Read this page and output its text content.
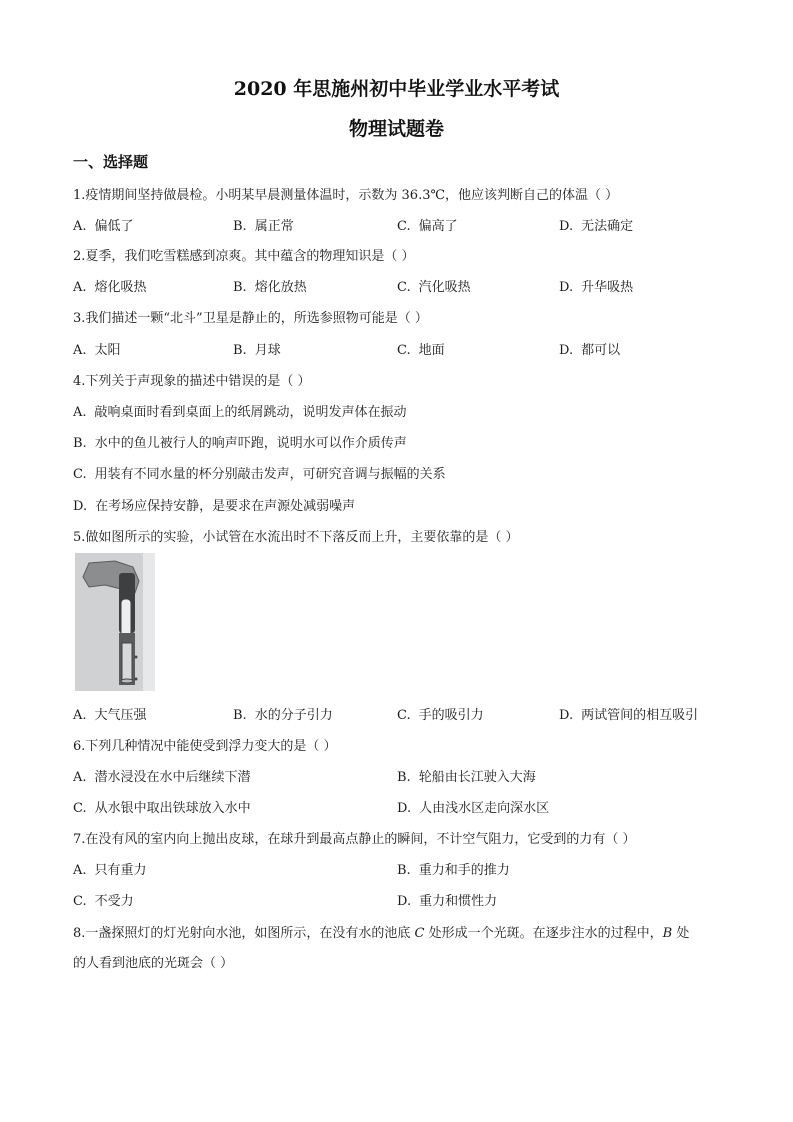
2020 年思施州初中毕业学业水平考试
物理试题卷
一、选择题
1.疫情期间坚持做晨检。小明某早晨测量体温时，示数为 36.3℃，他应该判断自己的体温（ ）
A. 偏低了	B. 属正常	C. 偏高了	D. 无法确定
2.夏季，我们吃雪糕感到凉爽。其中蕴含的物理知识是（ ）
A. 熔化吸热	B. 熔化放热	C. 汽化吸热	D. 升华吸热
3.我们描述一颗“北斗”卫星是静止的，所选参照物可能是（ ）
A. 太阳	B. 月球	C. 地面	D. 都可以
4.下列关于声现象的描述中错误的是（ ）
A. 敲响桌面时看到桌面上的纸屑跳动，说明发声体在振动
B. 水中的鱼儿被行人的响声吓跑，说明水可以作介质传声
C. 用装有不同水量的杯分别敲击发声，可研究音调与振幅的关系
D. 在考场应保持安静，是要求在声源处减弱噪声
5.做如图所示的实验，小试管在水流出时不下落反而上升，主要依靠的是（ ）
A. 大气压强	B. 水的分子引力	C. 手的吸引力	D. 两试管间的相互吸引
6.下列几种情况中能使受到浮力变大的是（ ）
A. 潜水浸没在水中后继续下潜	B. 轮船由长江驶入大海
C. 从水银中取出铁球放入水中	D. 人由浅水区走向深水区
7.在没有风的室内向上抛出皮球，在球升到最高点静止的瞬间，不计空气阻力，它受到的力有（ ）
A. 只有重力	B. 重力和手的推力
C. 不受力	D. 重力和惯性力
8.一盏探照灯的灯光射向水池，如图所示，在没有水的池底 C 处形成一个光斑。在逐步注水的过程中，B 处
的人看到池底的光斑会（ ）
